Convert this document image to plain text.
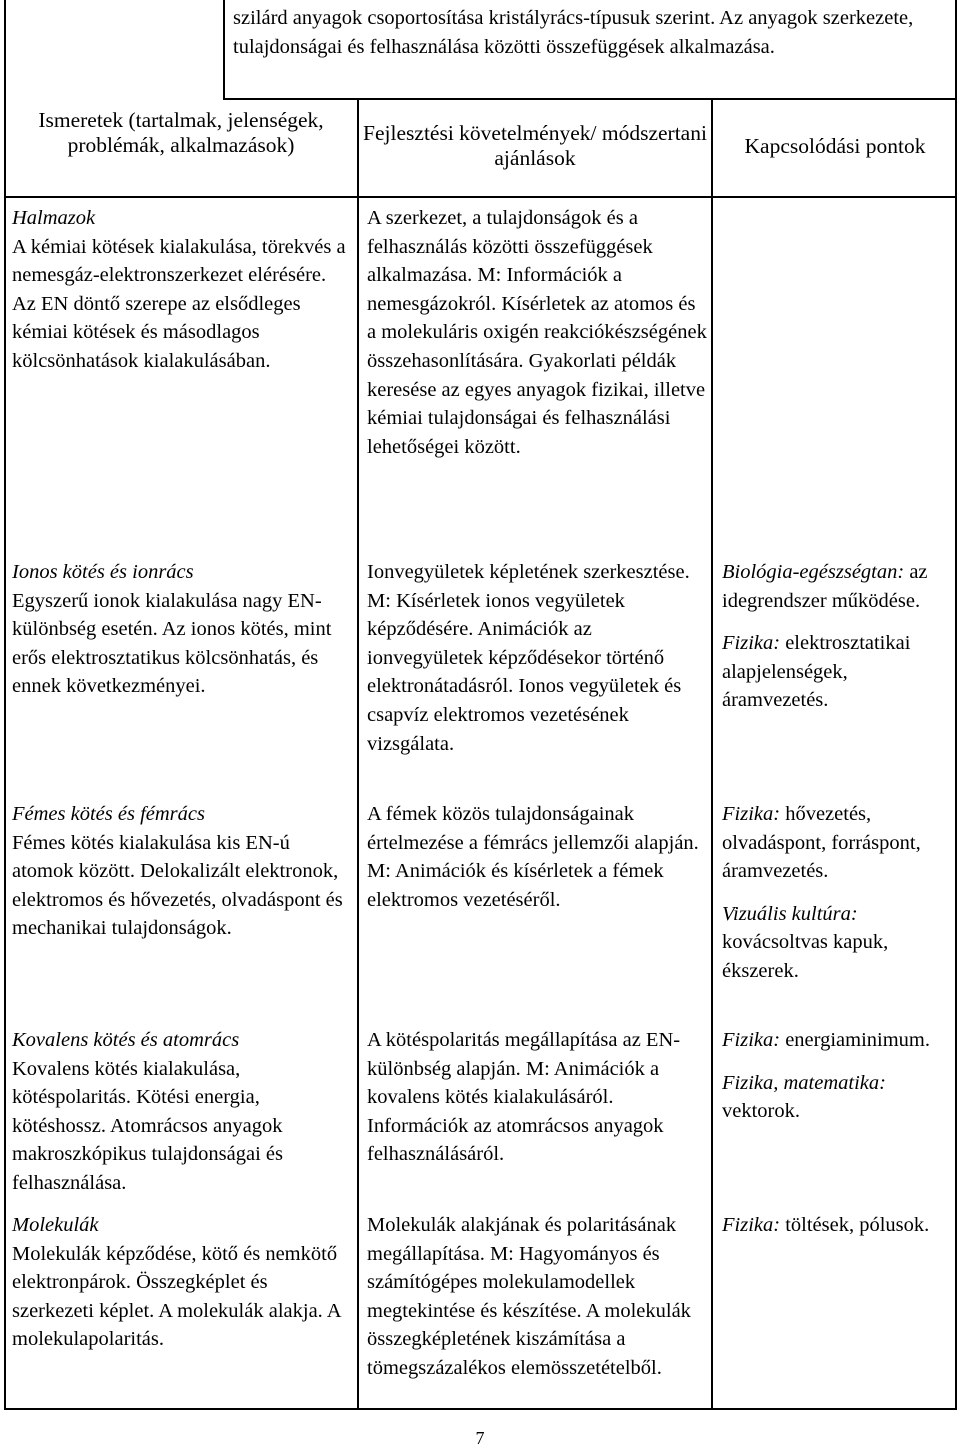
szilárd anyagok csoportosítása kristályrács-típusuk szerint. Az anyagok szerkezete, tulajdonságai és felhasználása közötti összefüggések alkalmazása.
Ismeretek (tartalmak, jelenségek, problémák, alkalmazások)	Fejlesztési követelmények/ módszertani ajánlások	Kapcsolódási pontok
Halmazok
A kémiai kötések kialakulása, törekvés a nemesgáz-elektronszerkezet elérésére. Az EN döntő szerepe az elsődleges kémiai kötések és másodlagos kölcsönhatások kialakulásában.
A szerkezet, a tulajdonságok és a felhasználás közötti összefüggések alkalmazása. M: Információk a nemesgázokról. Kísérletek az atomos és a molekuláris oxigén reakciókészségének összehasonlítására. Gyakorlati példák keresése az egyes anyagok fizikai, illetve kémiai tulajdonságai és felhasználási lehetőségei között.
Ionos kötés és ionrács
Egyszerű ionok kialakulása nagy EN-különbség esetén. Az ionos kötés, mint erős elektrosztatikus kölcsönhatás, és ennek következményei.
Ionvegyületek képletének szerkesztése. M: Kísérletek ionos vegyületek képződésére. Animációk az ionvegyületek képződésekor történő elektronátadásról. Ionos vegyületek és csapvíz elektromos vezetésének vizsgálata.

Biológia-egészségtan: az idegrendszer működése.

Fizika: elektrosztatikai alapjelenségek, áramvezetés.

Fémes kötés és fémrács
Fémes kötés kialakulása kis EN-ú atomok között. Delokalizált elektronok, elektromos és hővezetés, olvadáspont és mechanikai tulajdonságok.
A fémek közös tulajdonságainak értelmezése a fémrács jellemzői alapján. M: Animációk és kísérletek a fémek elektromos vezetéséről.

Fizika: hővezetés, olvadáspont, forráspont, áramvezetés.

Vizuális kultúra: kovácsoltvas kapuk, ékszerek.

Kovalens kötés és atomrács
Kovalens kötés kialakulása, kötéspolaritás. Kötési energia, kötéshossz. Atomrácsos anyagok makroszkópikus tulajdonságai és felhasználása.
A kötéspolaritás megállapítása az EN-különbség alapján. M: Animációk a kovalens kötés kialakulásáról. Információk az atomrácsos anyagok felhasználásáról.

Fizika: energiaminimum.

Fizika, matematika: vektorok.

Molekulák
Molekulák képződése, kötő és nemkötő elektronpárok. Összegképlet és szerkezeti képlet. A molekulák alakja. A molekulapolaritás.
Molekulák alakjának és polaritásának megállapítása. M: Hagyományos és számítógépes molekulamodellek megtekintése és készítése. A molekulák összegképletének kiszámítása a tömegszázalékos elemösszetételből.

Fizika: töltések, pólusok.

7
